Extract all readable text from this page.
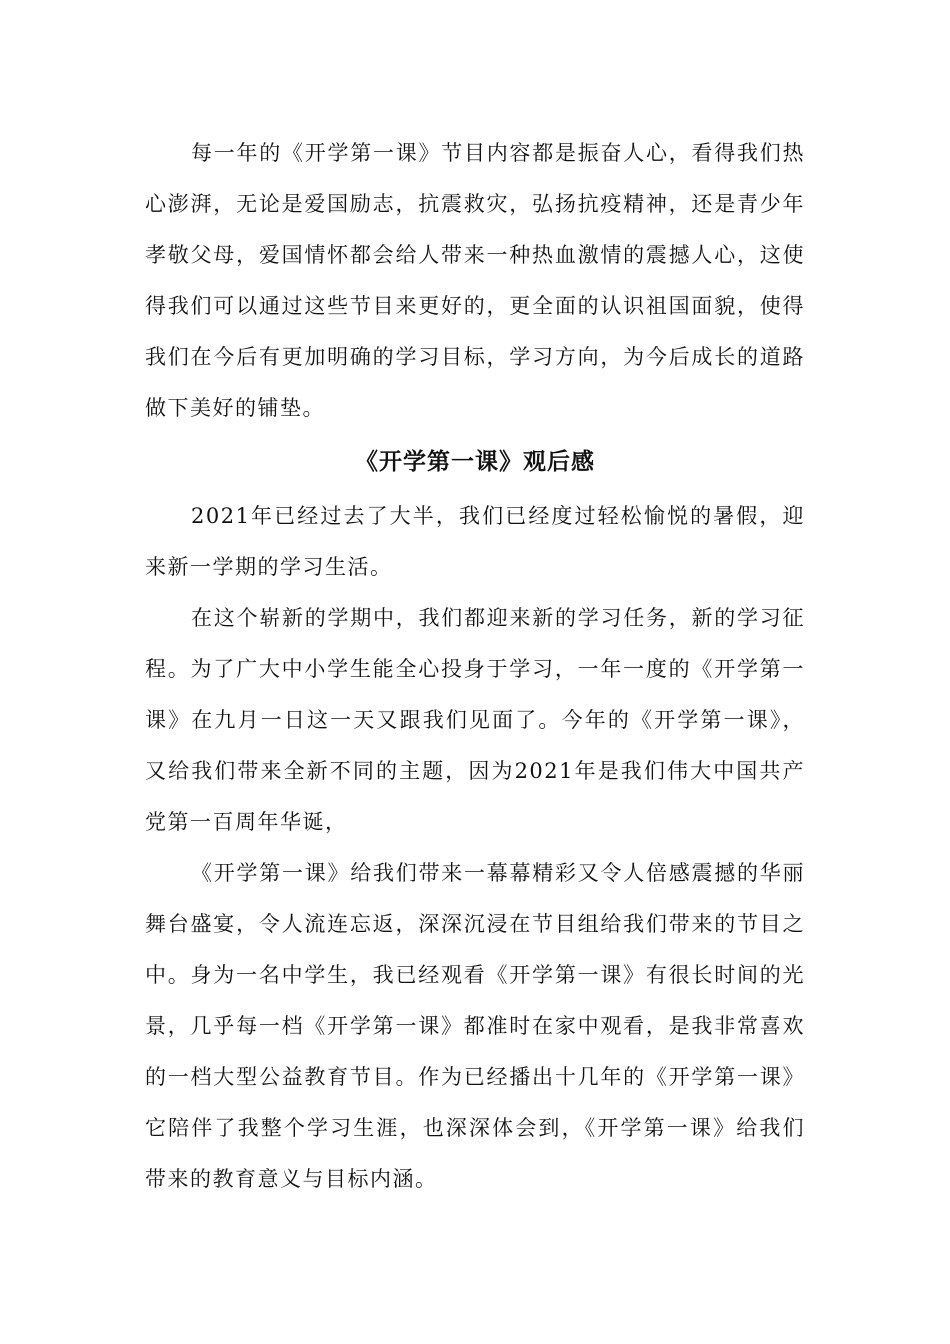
每一年的《开学第一课》节目内容都是振奋人心，看得我们热心澎湃，无论是爱国励志，抗震救灾，弘扬抗疫精神，还是青少年孝敬父母，爱国情怀都会给人带来一种热血激情的震撼人心，这使得我们可以通过这些节目来更好的，更全面的认识祖国面貌，使得我们在今后有更加明确的学习目标，学习方向，为今后成长的道路做下美好的铺垫。

《开学第一课》观后感

2021年已经过去了大半，我们已经度过轻松愉悦的暑假，迎来新一学期的学习生活。

在这个崭新的学期中，我们都迎来新的学习任务，新的学习征程。为了广大中小学生能全心投身于学习，一年一度的《开学第一课》在九月一日这一天又跟我们见面了。今年的《开学第一课》，又给我们带来全新不同的主题，因为2021年是我们伟大中国共产党第一百周年华诞，

《开学第一课》给我们带来一幕幕精彩又令人倍感震撼的华丽舞台盛宴，令人流连忘返，深深沉浸在节目组给我们带来的节目之中。身为一名中学生，我已经观看《开学第一课》有很长时间的光景，几乎每一档《开学第一课》都准时在家中观看，是我非常喜欢的一档大型公益教育节目。作为已经播出十几年的《开学第一课》它陪伴了我整个学习生涯，也深深体会到，《开学第一课》给我们带来的教育意义与目标内涵。
